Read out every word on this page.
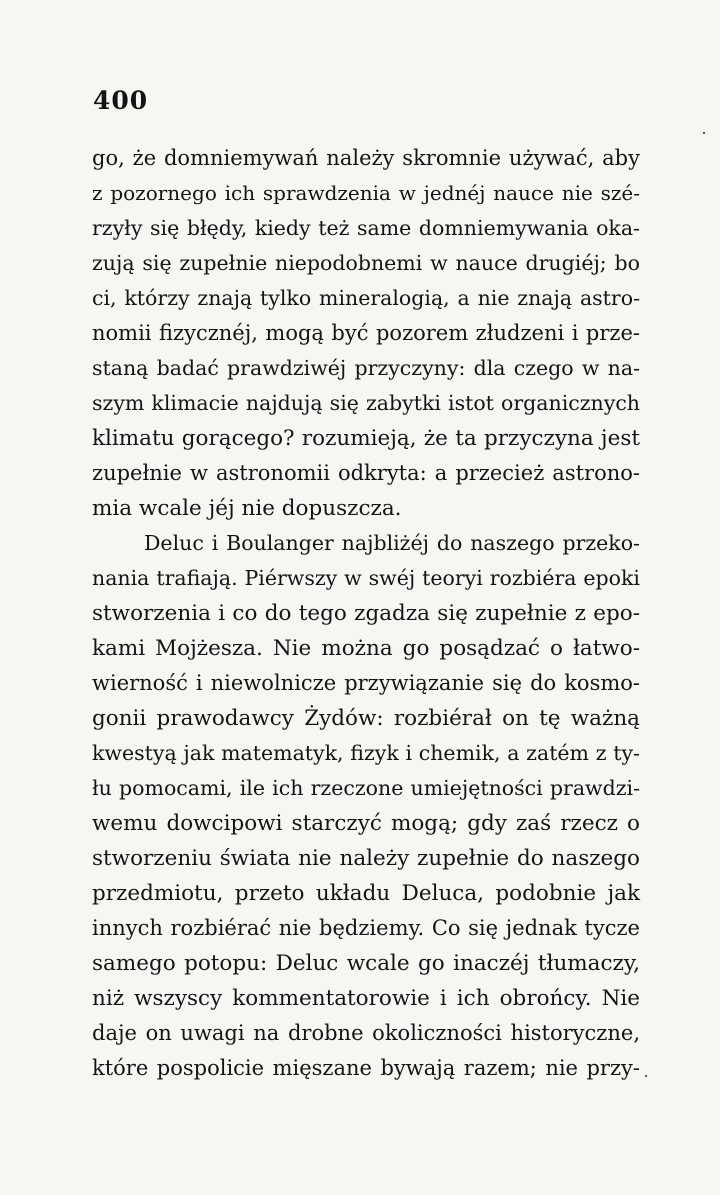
400
go, że domniemywań należy skromnie używać, aby
z pozornego ich sprawdzenia w jednéj nauce nie szé-
rzyły się błędy, kiedy też same domniemywania oka-
zują się zupełnie niepodobnemi w nauce drugiéj; bo
ci, którzy znają tylko mineralogią, a nie znają astro-
nomii fizycznéj, mogą być pozorem złudzeni i prze-
staną badać prawdziwéj przyczyny: dla czego w na-
szym klimacie najdują się zabytki istot organicznych
klimatu gorącego? rozumieją, że ta przyczyna jest
zupełnie w astronomii odkryta: a przecież astrono-
mia wcale jéj nie dopuszcza.
Deluc i Boulanger najbliżéj do naszego przeko-
nania trafiają. Piérwszy w swéj teoryi rozbiéra epoki
stworzenia i co do tego zgadza się zupełnie z epo-
kami Mojżesza. Nie można go posądzać o łatwo-
wierność i niewolnicze przywiązanie się do kosmo-
gonii prawodawcy Żydów: rozbiérał on tę ważną
kwestyą jak matematyk, fizyk i chemik, a zatém z ty-
łu pomocami, ile ich rzeczone umiejętności prawdzi-
wemu dowcipowi starczyć mogą; gdy zaś rzecz o
stworzeniu świata nie należy zupełnie do naszego
przedmiotu, przeto układu Deluca, podobnie jak
innych rozbiérać nie będziemy. Co się jednak tycze
samego potopu: Deluc wcale go inaczéj tłumaczy,
niż wszyscy kommentatorowie i ich obrońcy. Nie
daje on uwagi na drobne okoliczności historyczne,
które pospolicie mięszane bywają razem; nie przy-
